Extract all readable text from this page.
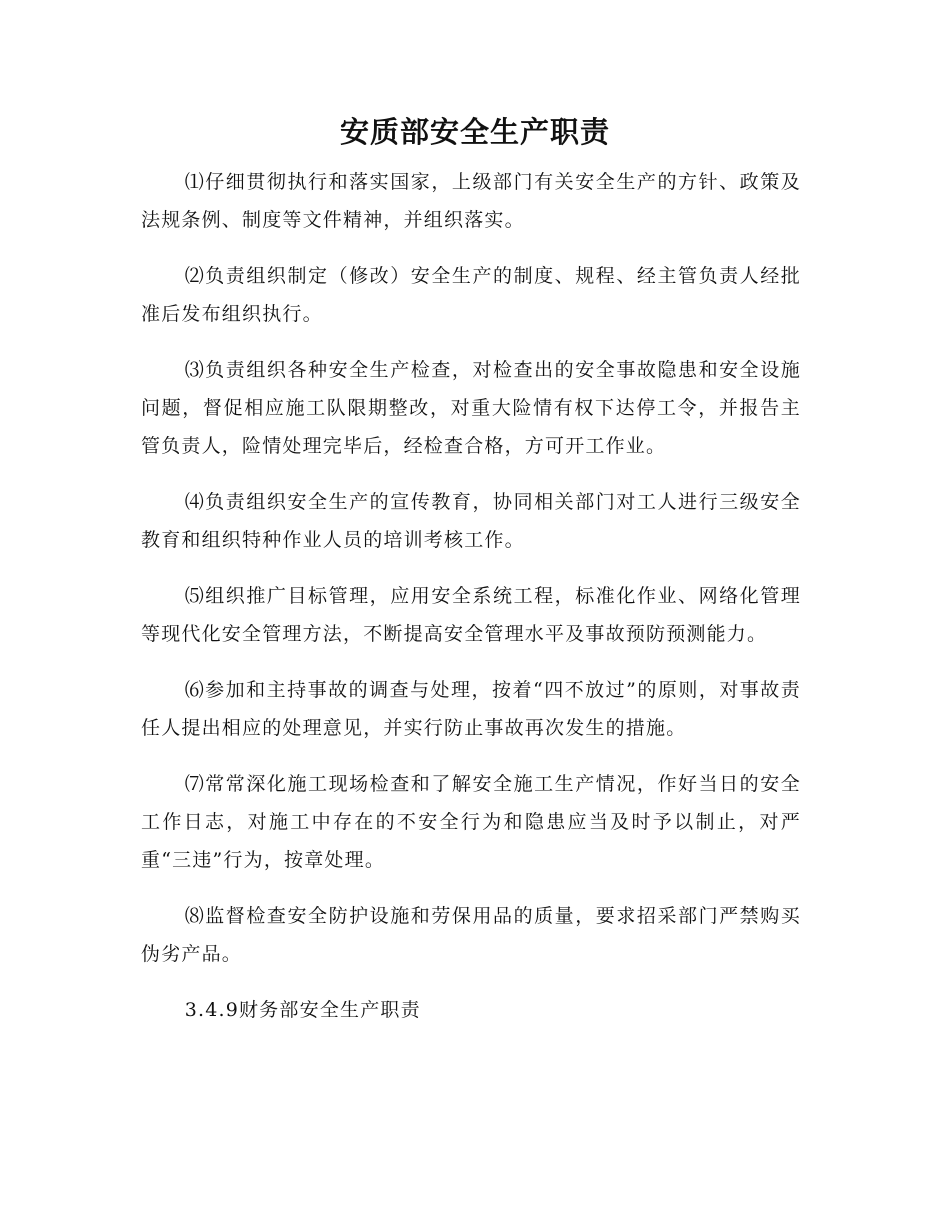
安质部安全生产职责

⑴仔细贯彻执行和落实国家，上级部门有关安全生产的方针、政策及法规条例、制度等文件精神，并组织落实。

⑵负责组织制定（修改）安全生产的制度、规程、经主管负责人经批准后发布组织执行。

⑶负责组织各种安全生产检查，对检查出的安全事故隐患和安全设施问题，督促相应施工队限期整改，对重大险情有权下达停工令，并报告主管负责人，险情处理完毕后，经检查合格，方可开工作业。

⑷负责组织安全生产的宣传教育，协同相关部门对工人进行三级安全教育和组织特种作业人员的培训考核工作。

⑸组织推广目标管理，应用安全系统工程，标准化作业、网络化管理等现代化安全管理方法，不断提高安全管理水平及事故预防预测能力。

⑹参加和主持事故的调查与处理，按着“四不放过”的原则，对事故责任人提出相应的处理意见，并实行防止事故再次发生的措施。

⑺常常深化施工现场检查和了解安全施工生产情况，作好当日的安全工作日志，对施工中存在的不安全行为和隐患应当及时予以制止，对严重“三违”行为，按章处理。

⑻监督检查安全防护设施和劳保用品的质量，要求招采部门严禁购买伪劣产品。

3.4.9财务部安全生产职责
